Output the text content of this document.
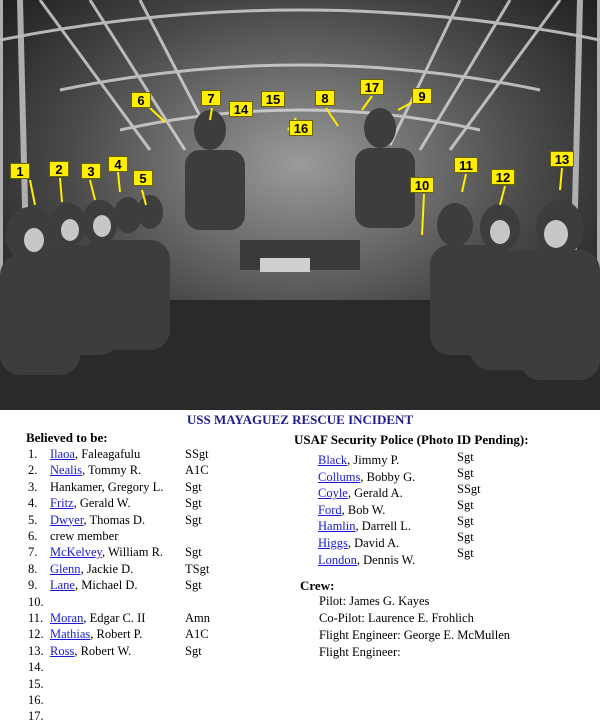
1	2	3	4
5
6	7
14
15
16
8
17
9
10
11
12
13
USS MAYAGUEZ RESCUE INCIDENT
Believed to be:
1. Ilaoa, Faleagafulu	SSgt
2. Nealis, Tommy R.	A1C
3. Hankamer, Gregory L. Sgt
4. Fritz, Gerald W.	Sgt
5. Dwyer, Thomas D.	Sgt
6. crew member
7. McKelvey, William R. Sgt
8. Glenn, Jackie D.	TSgt
9. Lane, Michael D.	Sgt
10.
11. Moran, Edgar C. II	Amn
12. Mathias, Robert P.	A1C
13. Ross, Robert W.	Sgt
14.
15.
16.
17.
USAF Security Police (Photo ID Pending):
Black, Jimmy P.	Sgt
Collums, Bobby G.	Sgt
Coyle, Gerald A.	SSgt
Ford, Bob W.	Sgt
Hamlin, Darrell L.	Sgt
Higgs, David A.	Sgt
London, Dennis W.	Sgt
Crew:
Pilot: James G. Kayes
Co-Pilot: Laurence E. Frohlich
Flight Engineer: George E. McMullen
Flight Engineer:
